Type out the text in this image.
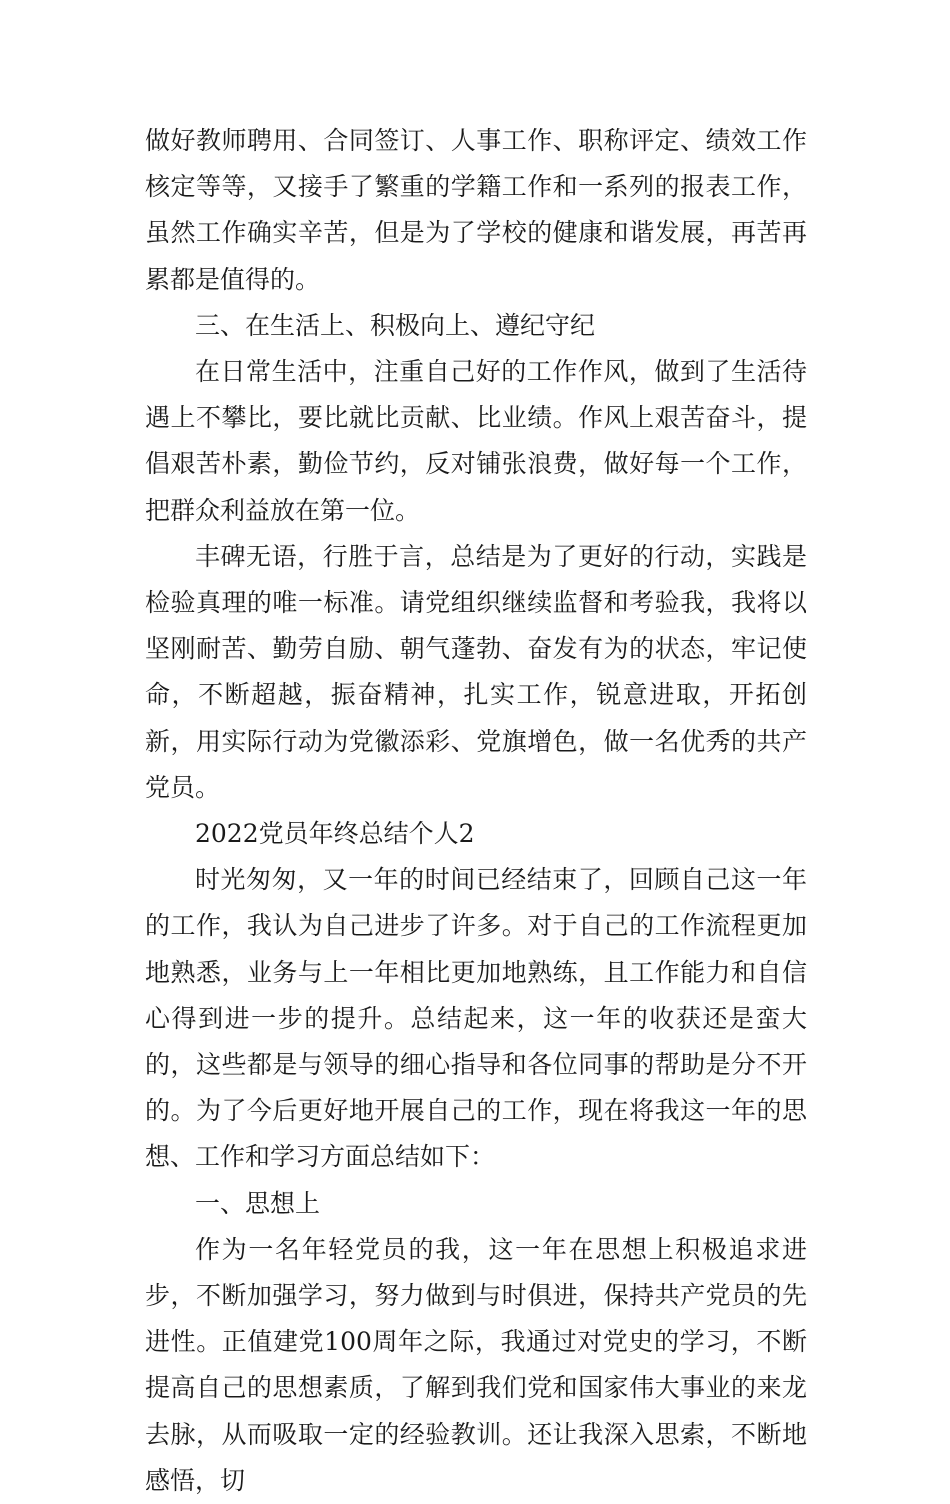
做好教师聘用、合同签订、人事工作、职称评定、绩效工作核定等等，又接手了繁重的学籍工作和一系列的报表工作，虽然工作确实辛苦，但是为了学校的健康和谐发展，再苦再累都是值得的。

三、在生活上、积极向上、遵纪守纪

在日常生活中，注重自己好的工作作风，做到了生活待遇上不攀比，要比就比贡献、比业绩。作风上艰苦奋斗，提倡艰苦朴素，勤俭节约，反对铺张浪费，做好每一个工作，把群众利益放在第一位。

丰碑无语，行胜于言，总结是为了更好的行动，实践是检验真理的唯一标准。请党组织继续监督和考验我，我将以坚刚耐苦、勤劳自励、朝气蓬勃、奋发有为的状态，牢记使命，不断超越，振奋精神，扎实工作，锐意进取，开拓创新，用实际行动为党徽添彩、党旗增色，做一名优秀的共产党员。

2022党员年终总结个人2

时光匆匆，又一年的时间已经结束了，回顾自己这一年的工作，我认为自己进步了许多。对于自己的工作流程更加地熟悉，业务与上一年相比更加地熟练，且工作能力和自信心得到进一步的提升。总结起来，这一年的收获还是蛮大的，这些都是与领导的细心指导和各位同事的帮助是分不开的。为了今后更好地开展自己的工作，现在将我这一年的思想、工作和学习方面总结如下：

一、思想上

作为一名年轻党员的我，这一年在思想上积极追求进步，不断加强学习，努力做到与时俱进，保持共产党员的先进性。正值建党100周年之际，我通过对党史的学习，不断提高自己的思想素质，了解到我们党和国家伟大事业的来龙去脉，从而吸取一定的经验教训。还让我深入思索，不断地感悟，切
